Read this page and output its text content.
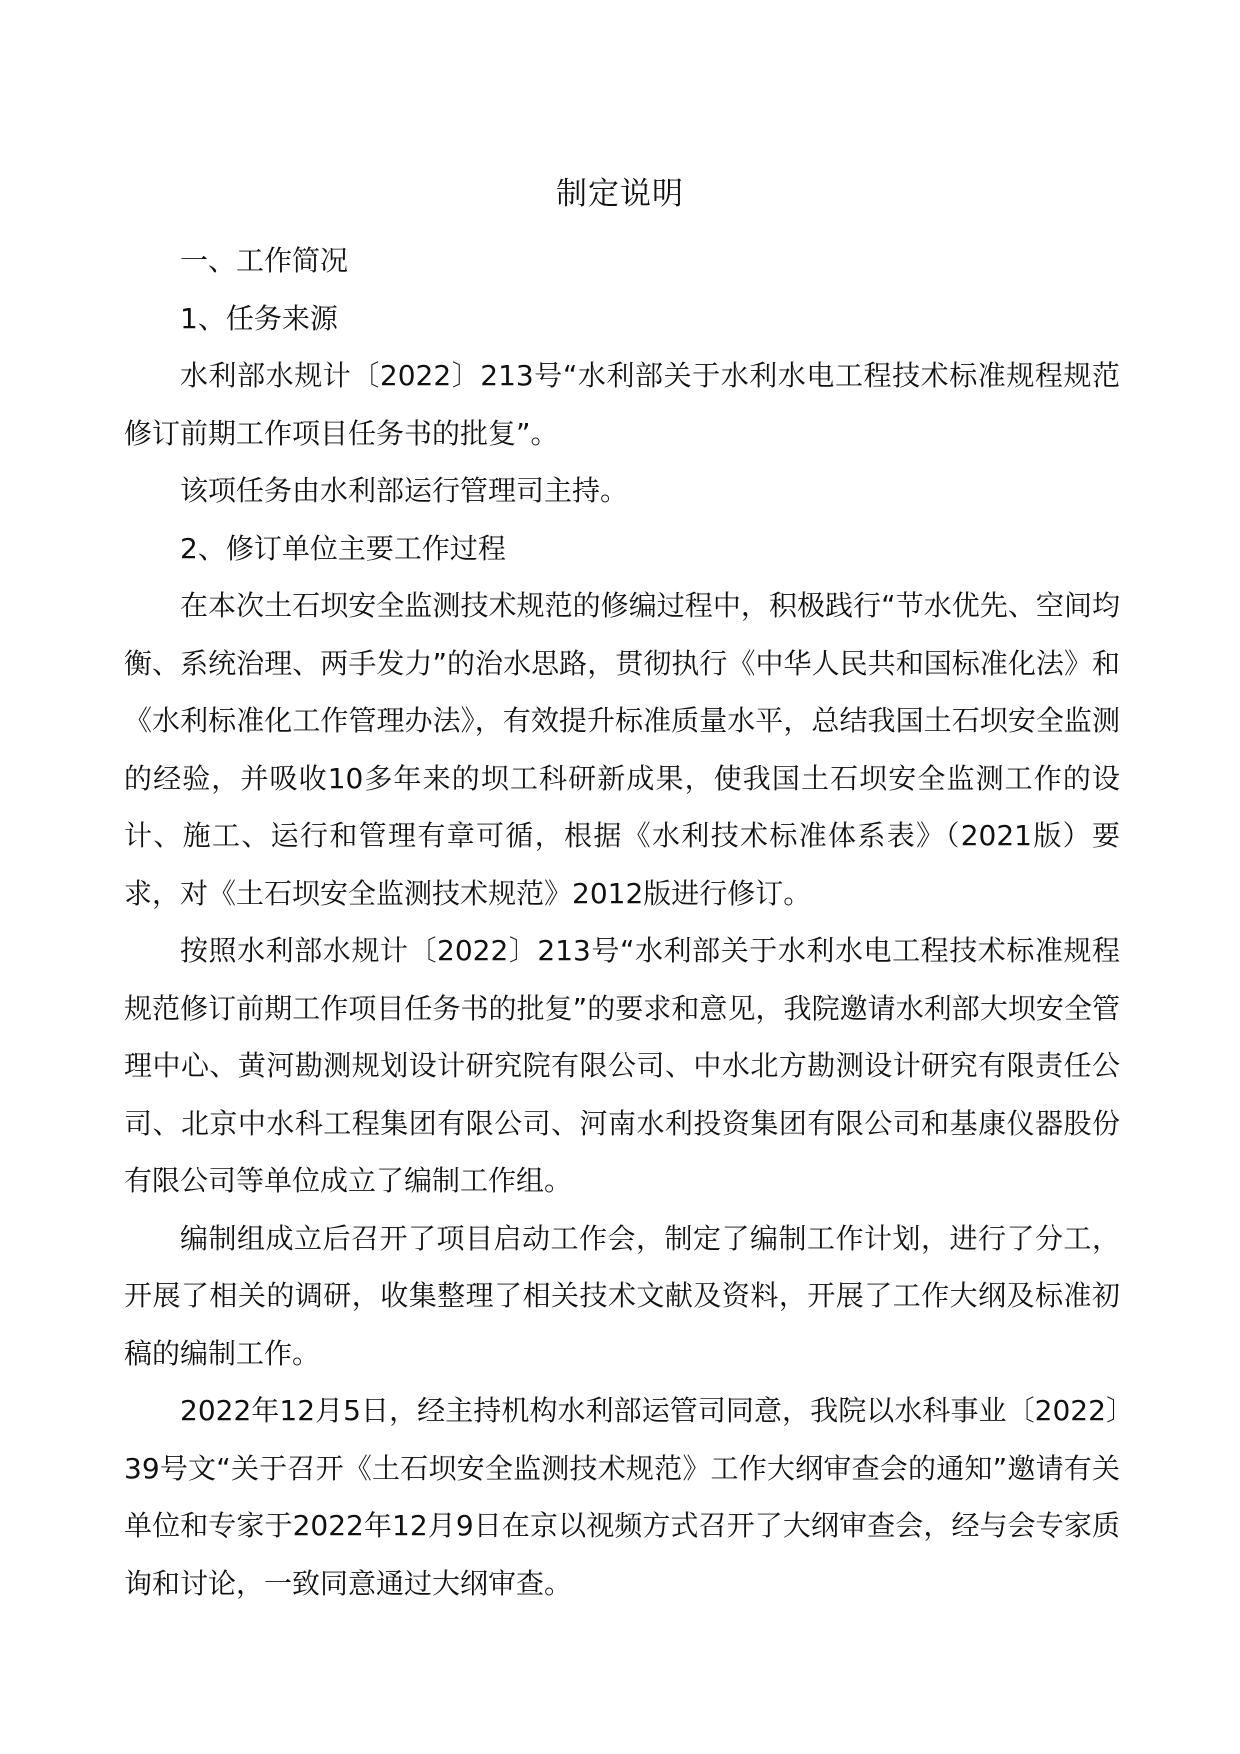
制定说明

一、工作简况

1、任务来源

水利部水规计〔2022〕213号“水利部关于水利水电工程技术标准规程规范修订前期工作项目任务书的批复”。

该项任务由水利部运行管理司主持。

2、修订单位主要工作过程

在本次土石坝安全监测技术规范的修编过程中，积极践行“节水优先、空间均衡、系统治理、两手发力”的治水思路，贯彻执行《中华人民共和国标准化法》和《水利标准化工作管理办法》，有效提升标准质量水平，总结我国土石坝安全监测的经验，并吸收10多年来的坝工科研新成果，使我国土石坝安全监测工作的设计、施工、运行和管理有章可循，根据《水利技术标准体系表》（2021版）要求，对《土石坝安全监测技术规范》2012版进行修订。

按照水利部水规计〔2022〕213号“水利部关于水利水电工程技术标准规程规范修订前期工作项目任务书的批复”的要求和意见，我院邀请水利部大坝安全管理中心、黄河勘测规划设计研究院有限公司、中水北方勘测设计研究有限责任公司、北京中水科工程集团有限公司、河南水利投资集团有限公司和基康仪器股份有限公司等单位成立了编制工作组。

编制组成立后召开了项目启动工作会，制定了编制工作计划，进行了分工，开展了相关的调研，收集整理了相关技术文献及资料，开展了工作大纲及标准初稿的编制工作。

2022年12月5日，经主持机构水利部运管司同意，我院以水科事业〔2022〕39号文“关于召开《土石坝安全监测技术规范》工作大纲审查会的通知”邀请有关单位和专家于2022年12月9日在京以视频方式召开了大纲审查会，经与会专家质询和讨论，一致同意通过大纲审查。
